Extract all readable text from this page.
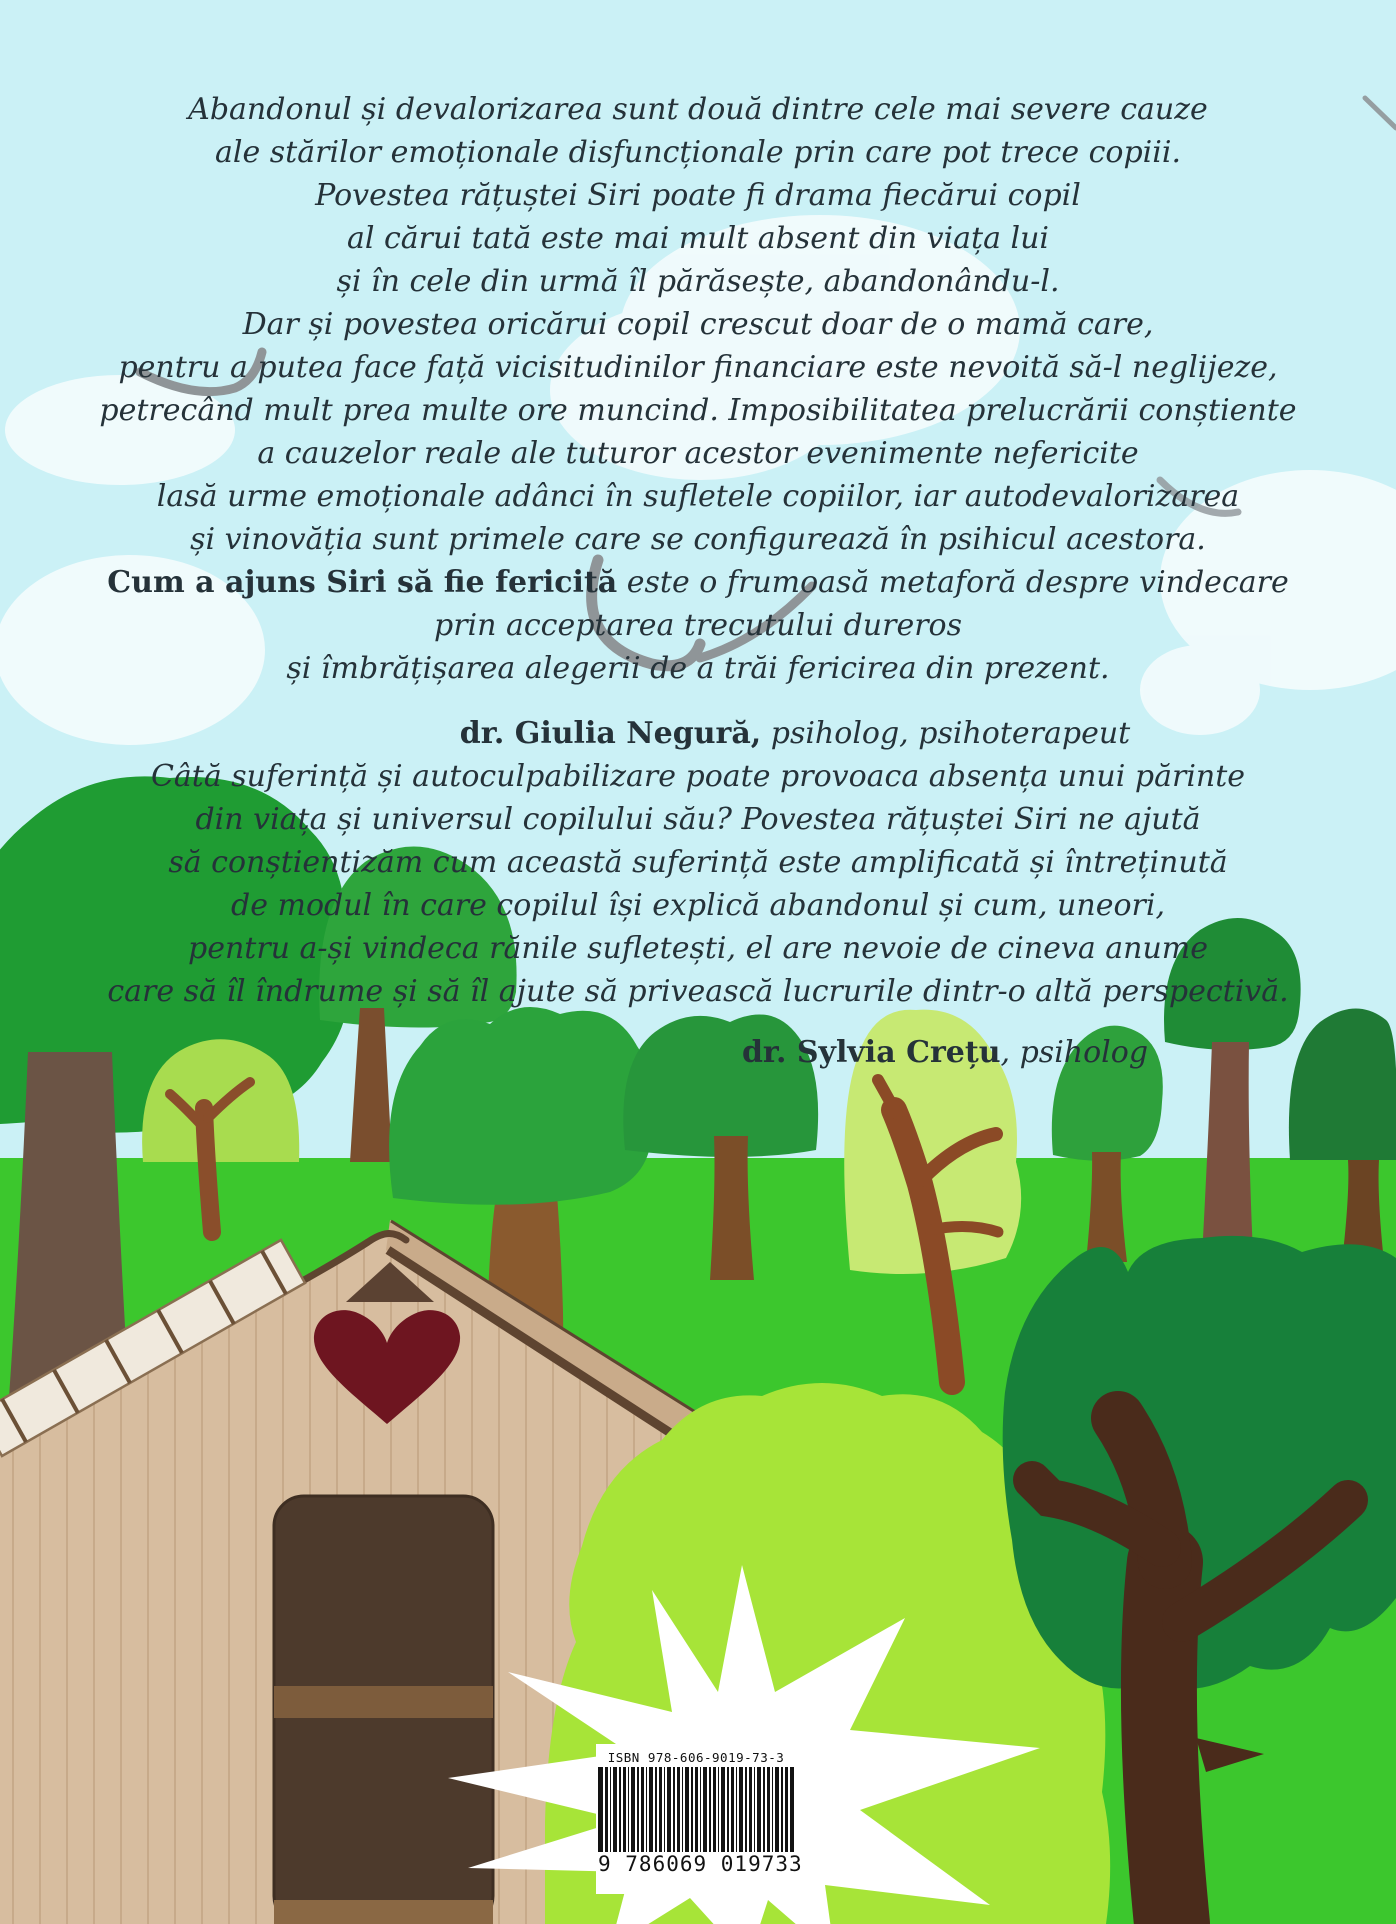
Abandonul și devalorizarea sunt două dintre cele mai severe cauze
ale stărilor emoționale disfuncționale prin care pot trece copiii.
Povestea rățuștei Siri poate fi drama fiecărui copil
al cărui tată este mai mult absent din viața lui
și în cele din urmă îl părăsește, abandonându-l.
Dar și povestea oricărui copil crescut doar de o mamă care,
pentru a putea face față vicisitudinilor financiare este nevoită să-l neglijeze,
petrecând mult prea multe ore muncind. Imposibilitatea prelucrării conștiente
a cauzelor reale ale tuturor acestor evenimente nefericite
lasă urme emoționale adânci în sufletele copiilor, iar autodevalorizarea
și vinovăția sunt primele care se configurează în psihicul acestora.
Cum a ajuns Siri să fie fericită este o frumoasă metaforă despre vindecare
prin acceptarea trecutului dureros
și îmbrățișarea alegerii de a trăi fericirea din prezent.
dr. Giulia Negură, psiholog, psihoterapeut
Câtă suferință și autoculpabilizare poate provoaca absența unui părinte
din viața și universul copilului său? Povestea rățuștei Siri ne ajută
să conștientizăm cum această suferință este amplificată și întreținută
de modul în care copilul își explică abandonul și cum, uneori,
pentru a-și vindeca rănile sufletești, el are nevoie de cineva anume
care să îl îndrume și să îl ajute să privească lucrurile dintr-o altă perspectivă.
dr. Sylvia Crețu, psiholog
ISBN 978-606-9019-73-3
9 786069 019733
